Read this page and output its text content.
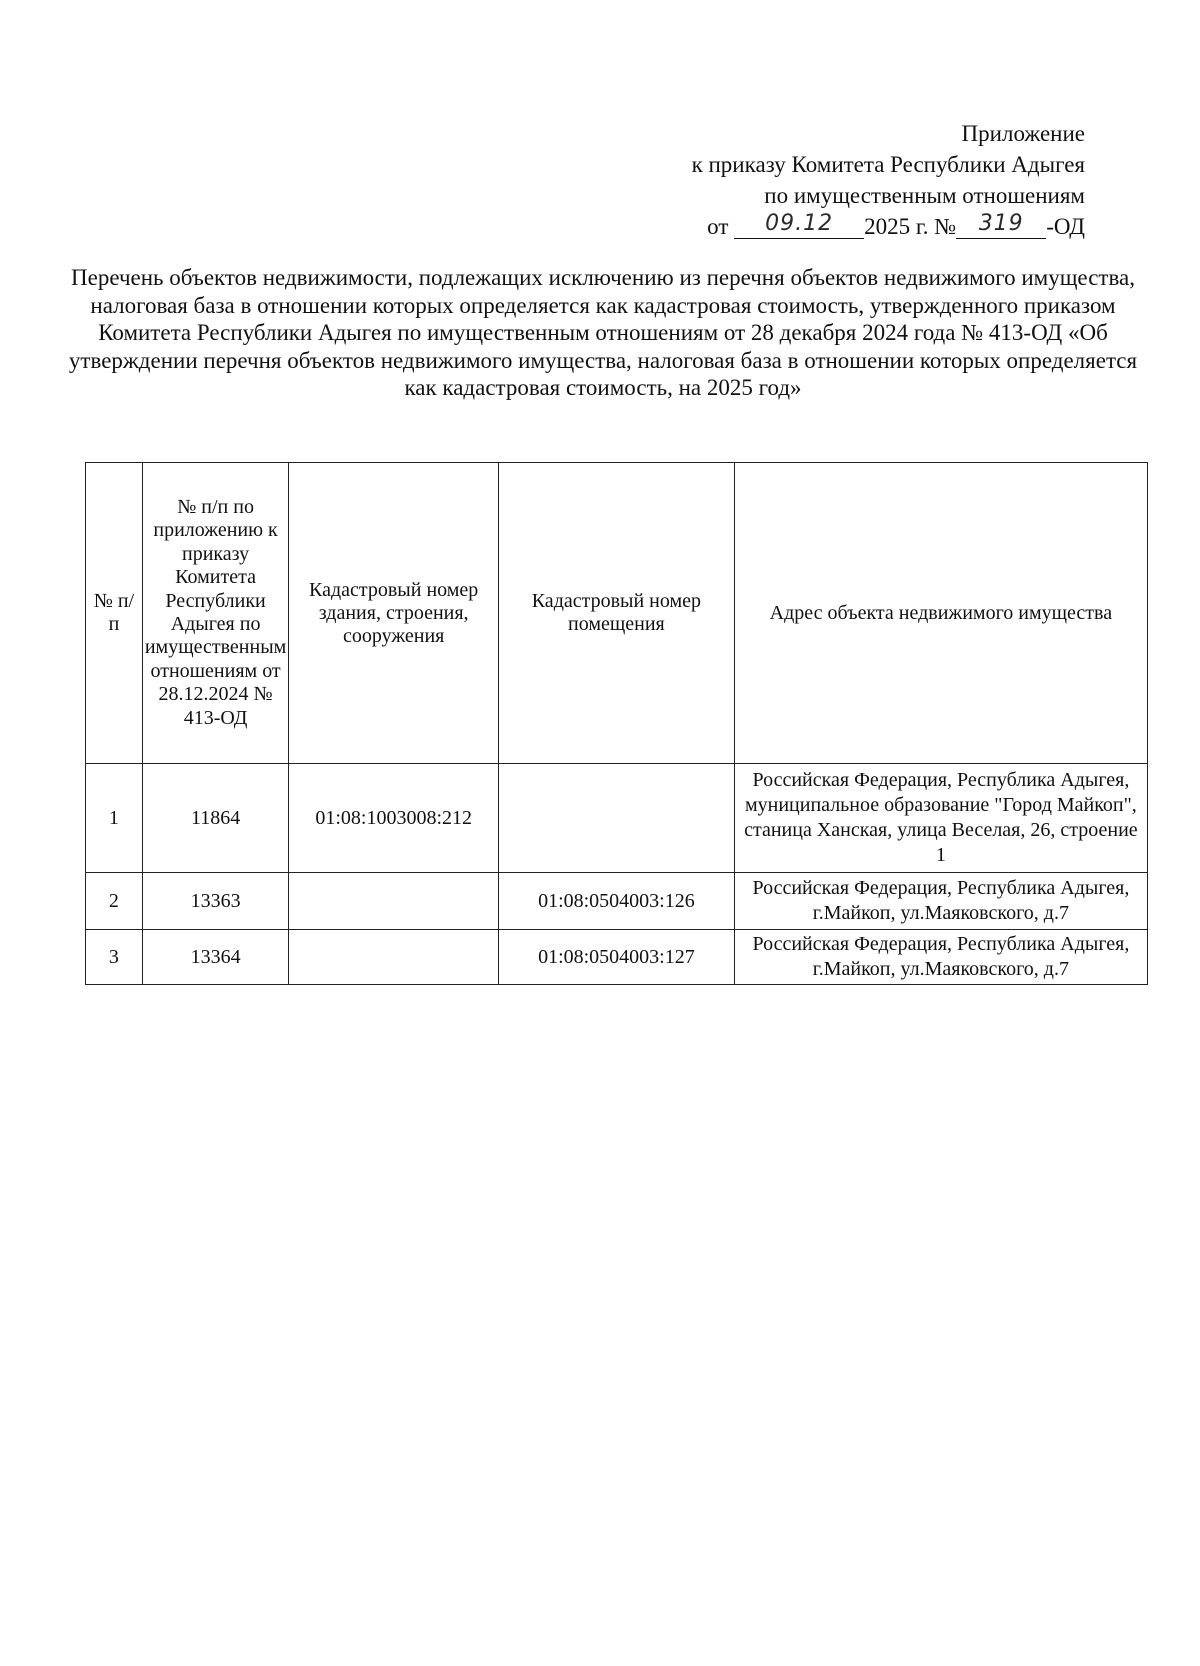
Приложение
к приказу Комитета Республики Адыгея
по имущественным отношениям
от 09.12 2025 г. № 319 -ОД
Перечень объектов недвижимости, подлежащих исключению из перечня объектов недвижимого имущества, налоговая база в отношении которых определяется как кадастровая стоимость, утвержденного приказом Комитета Республики Адыгея по имущественным отношениям от 28 декабря 2024 года № 413-ОД «Об утверждении перечня объектов недвижимого имущества, налоговая база в отношении которых определяется как кадастровая стоимость, на 2025 год»
№ п/п	№ п/п по приложению к приказу Комитета Республики Адыгея по имущественным отношениям от 28.12.2024 № 413-ОД	Кадастровый номер здания, строения, сооружения	Кадастровый номер помещения	Адрес объекта недвижимого имущества
1	11864	01:08:1003008:212		Российская Федерация, Республика Адыгея, муниципальное образование "Город Майкоп", станица Ханская, улица Веселая, 26, строение 1
2	13363		01:08:0504003:126	Российская Федерация, Республика Адыгея, г.Майкоп, ул.Маяковского, д.7
3	13364		01:08:0504003:127	Российская Федерация, Республика Адыгея, г.Майкоп, ул.Маяковского, д.7
